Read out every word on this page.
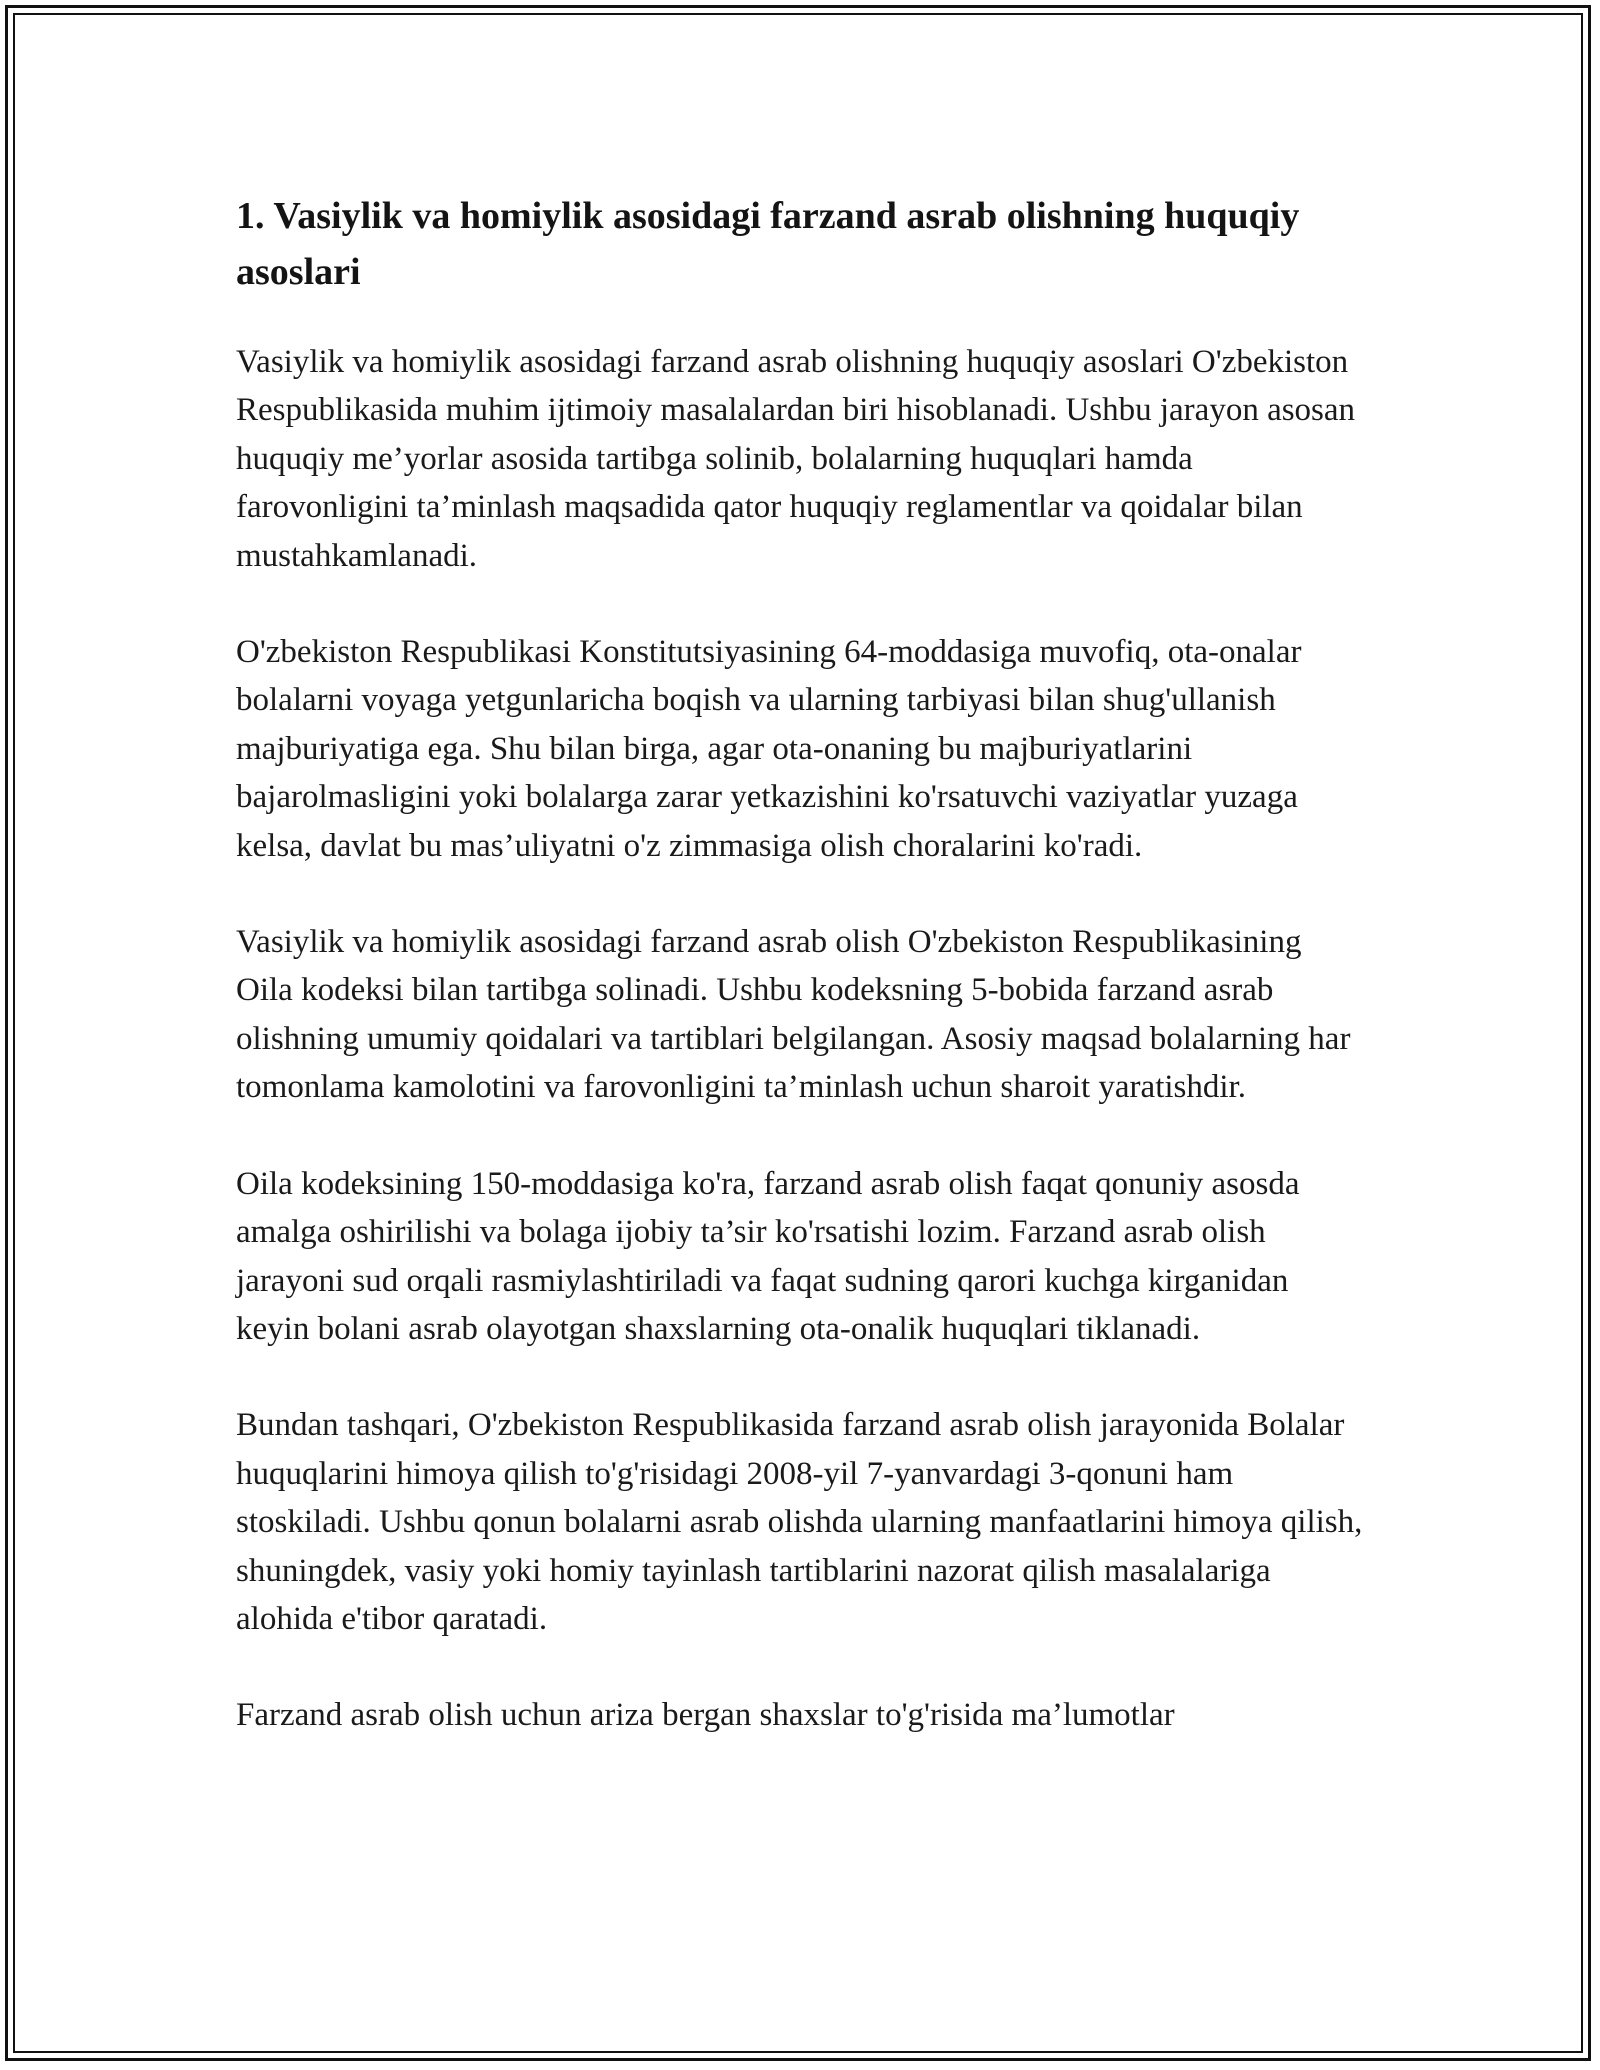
1. Vasiylik va homiylik asosidagi farzand asrab olishning huquqiy asoslari

Vasiylik va homiylik asosidagi farzand asrab olishning huquqiy asoslari O'zbekiston Respublikasida muhim ijtimoiy masalalardan biri hisoblanadi. Ushbu jarayon asosan huquqiy me’yorlar asosida tartibga solinib, bolalarning huquqlari hamda farovonligini ta’minlash maqsadida qator huquqiy reglamentlar va qoidalar bilan mustahkamlanadi.

O'zbekiston Respublikasi Konstitutsiyasining 64-moddasiga muvofiq, ota-onalar bolalarni voyaga yetgunlaricha boqish va ularning tarbiyasi bilan shug'ullanish majburiyatiga ega. Shu bilan birga, agar ota-onaning bu majburiyatlarini bajarolmasligini yoki bolalarga zarar yetkazishini ko'rsatuvchi vaziyatlar yuzaga kelsa, davlat bu mas’uliyatni o'z zimmasiga olish choralarini ko'radi.

Vasiylik va homiylik asosidagi farzand asrab olish O'zbekiston Respublikasining Oila kodeksi bilan tartibga solinadi. Ushbu kodeksning 5-bobida farzand asrab olishning umumiy qoidalari va tartiblari belgilangan. Asosiy maqsad bolalarning har tomonlama kamolotini va farovonligini ta’minlash uchun sharoit yaratishdir.

Oila kodeksining 150-moddasiga ko'ra, farzand asrab olish faqat qonuniy asosda amalga oshirilishi va bolaga ijobiy ta’sir ko'rsatishi lozim. Farzand asrab olish jarayoni sud orqali rasmiylashtiriladi va faqat sudning qarori kuchga kirganidan keyin bolani asrab olayotgan shaxslarning ota-onalik huquqlari tiklanadi.

Bundan tashqari, O'zbekiston Respublikasida farzand asrab olish jarayonida Bolalar huquqlarini himoya qilish to'g'risidagi 2008-yil 7-yanvardagi 3-qonuni ham stoskiladi. Ushbu qonun bolalarni asrab olishda ularning manfaatlarini himoya qilish, shuningdek, vasiy yoki homiy tayinlash tartiblarini nazorat qilish masalalariga alohida e'tibor qaratadi.

Farzand asrab olish uchun ariza bergan shaxslar to'g'risida ma’lumotlar
